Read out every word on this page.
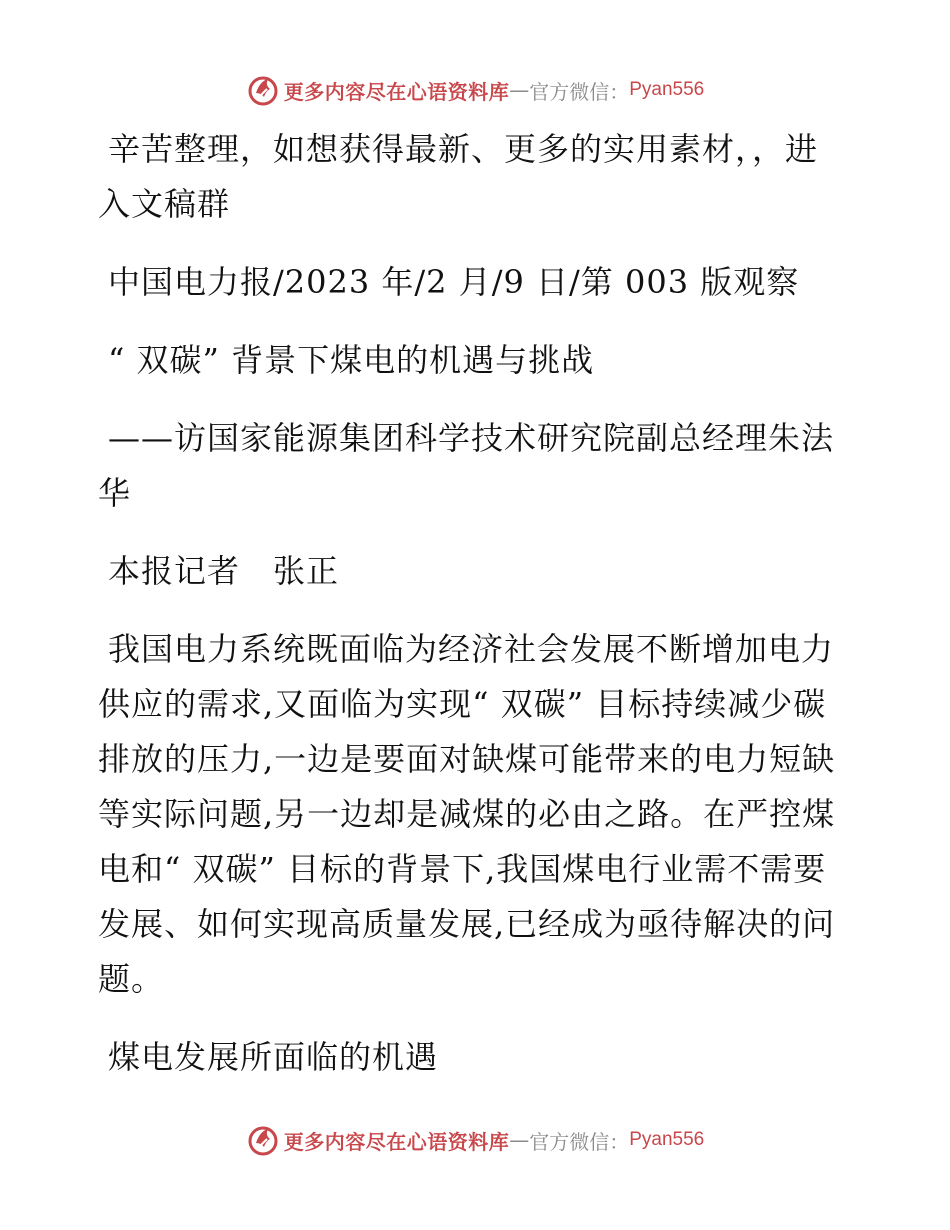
更多内容尽在心语资料库 — 官方微信： Pyan556

辛苦整理，如想获得最新、更多的实用素材，，进入文稿群

中国电力报/2023 年/2 月/9 日/第 003 版观察

“ 双碳” 背景下煤电的机遇与挑战

——访国家能源集团科学技术研究院副总经理朱法华

本报记者　张正

我国电力系统既面临为经济社会发展不断增加电力供应的需求,又面临为实现“ 双碳” 目标持续减少碳排放的压力,一边是要面对缺煤可能带来的电力短缺等实际问题,另一边却是减煤的必由之路。在严控煤电和“ 双碳” 目标的背景下,我国煤电行业需不需要发展、如何实现高质量发展,已经成为亟待解决的问题。

煤电发展所面临的机遇

更多内容尽在心语资料库 — 官方微信： Pyan556
